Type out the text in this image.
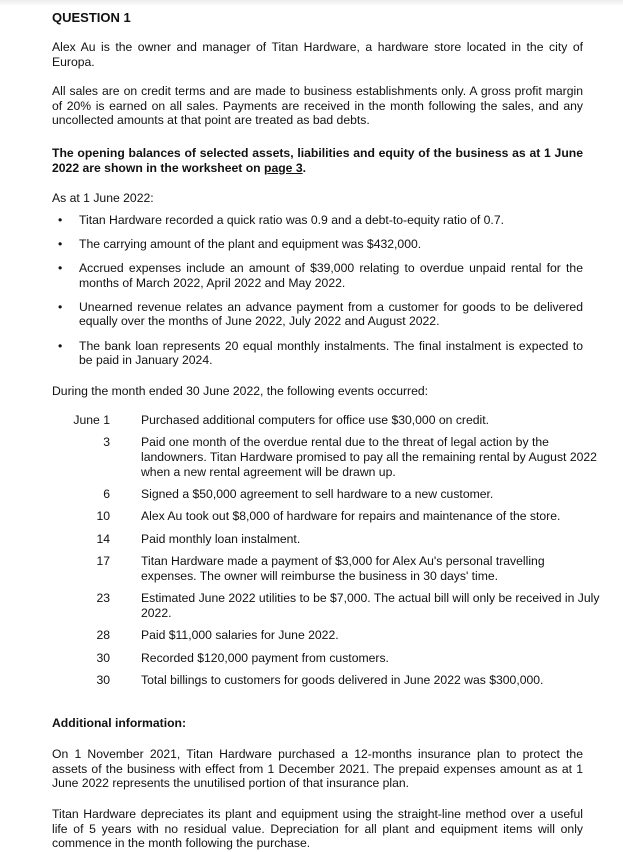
QUESTION 1
Alex Au is the owner and manager of Titan Hardware, a hardware store located in the city of Europa.
All sales are on credit terms and are made to business establishments only. A gross profit margin of 20% is earned on all sales. Payments are received in the month following the sales, and any uncollected amounts at that point are treated as bad debts.
The opening balances of selected assets, liabilities and equity of the business as at 1 June 2022 are shown in the worksheet on page 3.
As at 1 June 2022:
• Titan Hardware recorded a quick ratio was 0.9 and a debt-to-equity ratio of 0.7.
• The carrying amount of the plant and equipment was $432,000.
• Accrued expenses include an amount of $39,000 relating to overdue unpaid rental for the months of March 2022, April 2022 and May 2022.
• Unearned revenue relates an advance payment from a customer for goods to be delivered equally over the months of June 2022, July 2022 and August 2022.
• The bank loan represents 20 equal monthly instalments. The final instalment is expected to be paid in January 2024.
During the month ended 30 June 2022, the following events occurred:
June 1	Purchased additional computers for office use $30,000 on credit.
3	Paid one month of the overdue rental due to the threat of legal action by the landowners. Titan Hardware promised to pay all the remaining rental by August 2022 when a new rental agreement will be drawn up.
6	Signed a $50,000 agreement to sell hardware to a new customer.
10	Alex Au took out $8,000 of hardware for repairs and maintenance of the store.
14	Paid monthly loan instalment.
17	Titan Hardware made a payment of $3,000 for Alex Au's personal travelling expenses. The owner will reimburse the business in 30 days' time.
23	Estimated June 2022 utilities to be $7,000. The actual bill will only be received in July 2022.
28	Paid $11,000 salaries for June 2022.
30	Recorded $120,000 payment from customers.
30	Total billings to customers for goods delivered in June 2022 was $300,000.
Additional information:
On 1 November 2021, Titan Hardware purchased a 12-months insurance plan to protect the assets of the business with effect from 1 December 2021. The prepaid expenses amount as at 1 June 2022 represents the unutilised portion of that insurance plan.
Titan Hardware depreciates its plant and equipment using the straight-line method over a useful life of 5 years with no residual value. Depreciation for all plant and equipment items will only commence in the month following the purchase.
